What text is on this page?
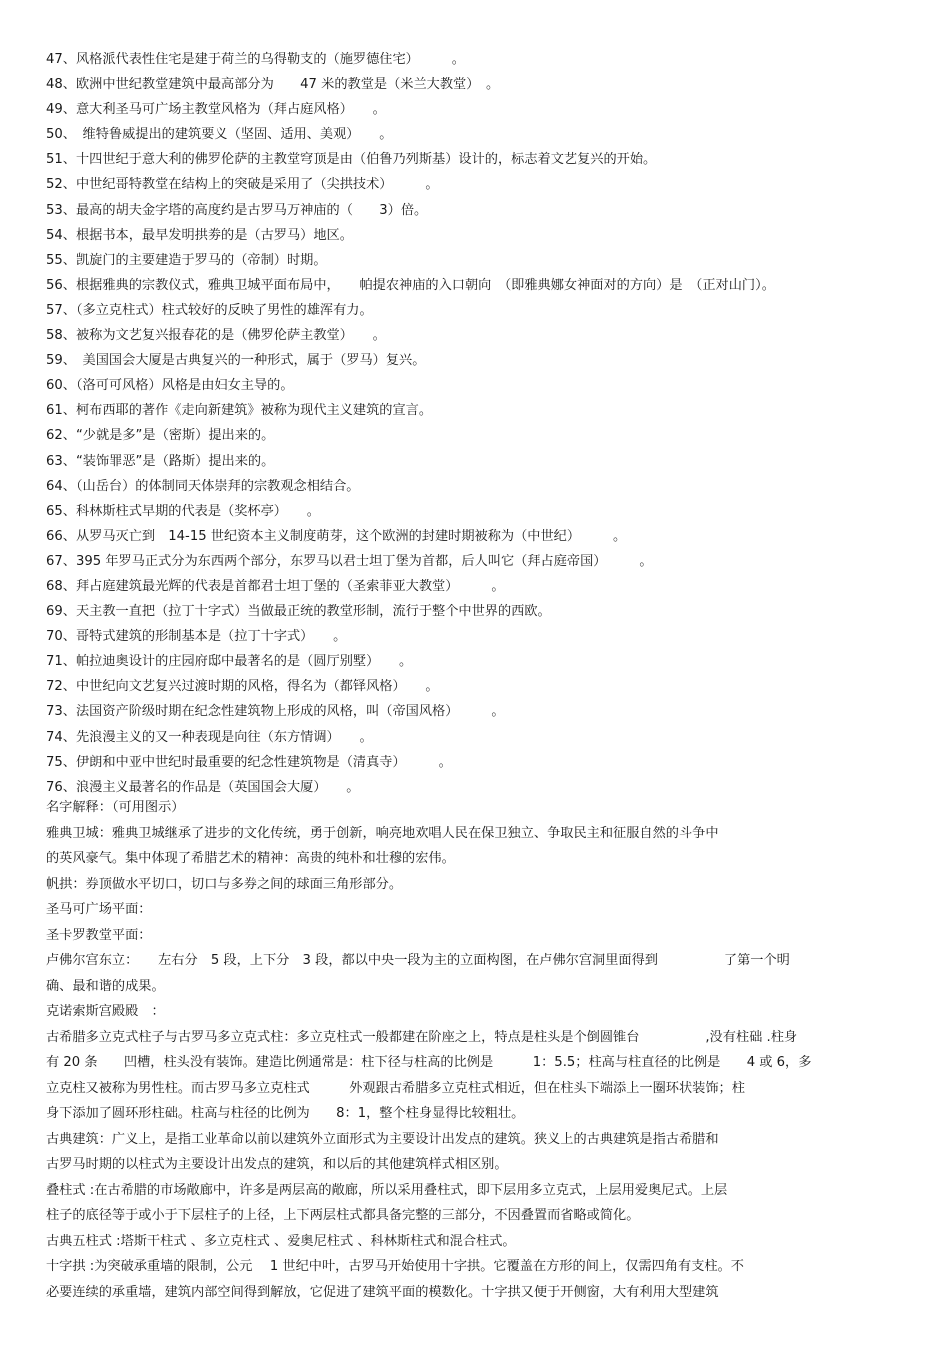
47、风格派代表性住宅是建于荷兰的乌得勒支的（施罗德住宅）　　　。
48、欧洲中世纪教堂建筑中最高部分为　　47 米的教堂是（米兰大教堂）　。
49、意大利圣马可广场主教堂风格为（拜占庭风格）　　。
50、　维特鲁威提出的建筑要义（坚固、适用、美观）　　。
51、十四世纪于意大利的佛罗伦萨的主教堂穹顶是由（伯鲁乃列斯基）设计的，标志着文艺复兴的开始。
52、中世纪哥特教堂在结构上的突破是采用了（尖拱技术）　　　。
53、最高的胡夫金字塔的高度约是古罗马万神庙的（　　3）倍。
54、根据书本，最早发明拱劵的是（古罗马）地区。
55、凯旋门的主要建造于罗马的（帝制）时期。
56、根据雅典的宗教仪式，雅典卫城平面布局中，　　帕提农神庙的入口朝向　（即雅典娜女神面对的方向）是　（正对山门）。
57、（多立克柱式）柱式较好的反映了男性的雄浑有力。
58、被称为文艺复兴报春花的是（佛罗伦萨主教堂）　　。
59、　美国国会大厦是古典复兴的一种形式，属于（罗马）复兴。
60、（洛可可风格）风格是由妇女主导的。
61、柯布西耶的著作《走向新建筑》被称为现代主义建筑的宣言。
62、“少就是多”是（密斯）提出来的。
63、“装饰罪恶”是（路斯）提出来的。
64、（山岳台）的体制同天体崇拜的宗教观念相结合。
65、科林斯柱式早期的代表是（奖杯亭）　　。
66、从罗马灭亡到　14-15 世纪资本主义制度萌芽，这个欧洲的封建时期被称为（中世纪）　　　。
67、395 年罗马正式分为东西两个部分，东罗马以君士坦丁堡为首都，后人叫它（拜占庭帝国）　　　。
68、拜占庭建筑最光辉的代表是首都君士坦丁堡的（圣索菲亚大教堂）　　　。
69、天主教一直把（拉丁十字式）当做最正统的教堂形制，流行于整个中世界的西欧。
70、哥特式建筑的形制基本是（拉丁十字式）　　。
71、帕拉迪奥设计的庄园府邸中最著名的是（圆厅别墅）　　。
72、中世纪向文艺复兴过渡时期的风格，得名为（都铎风格）　　。
73、法国资产阶级时期在纪念性建筑物上形成的风格，叫（帝国风格）　　　。
74、先浪漫主义的又一种表现是向往（东方情调）　　。
75、伊朗和中亚中世纪时最重要的纪念性建筑物是（清真寺）　　　。
76、浪漫主义最著名的作品是（英国国会大厦）　　。
名字解释：（可用图示）
雅典卫城：雅典卫城继承了进步的文化传统，勇于创新，响亮地欢唱人民在保卫独立、争取民主和征服自然的斗争中
的英风豪气。集中体现了希腊艺术的精神：高贵的纯朴和壮穆的宏伟。
帆拱：券顶做水平切口，切口与多券之间的球面三角形部分。
圣马可广场平面：
圣卡罗教堂平面：
卢佛尔宫东立：　　左右分　5 段，上下分　3 段，都以中央一段为主的立面构图，在卢佛尔宫洞里面得到　　　　　了第一个明
确、最和谐的成果。
克诺索斯宫殿殿　：
古希腊多立克式柱子与古罗马多立克式柱：多立克柱式一般都建在阶座之上，特点是柱头是个倒圆锥台　　　　　,没有柱础 .柱身
有 20 条　　凹槽，柱头没有装饰。建造比例通常是：柱下径与柱高的比例是　　　1：5.5；柱高与柱直径的比例是　　4 或 6，多
立克柱又被称为男性柱。而古罗马多立克柱式　　　外观跟古希腊多立克柱式相近，但在柱头下端添上一圈环状装饰；柱
身下添加了圆环形柱础。柱高与柱径的比例为　　8：1，整个柱身显得比较粗壮。
古典建筑：广义上，是指工业革命以前以建筑外立面形式为主要设计出发点的建筑。狭义上的古典建筑是指古希腊和
古罗马时期的以柱式为主要设计出发点的建筑，和以后的其他建筑样式相区别。
叠柱式 :在古希腊的市场敞廊中，许多是两层高的敞廊，所以采用叠柱式，即下层用多立克式，上层用爱奥尼式。上层
柱子的底径等于或小于下层柱子的上径，上下两层柱式都具备完整的三部分，不因叠置而省略或简化。
古典五柱式 :塔斯干柱式 、多立克柱式 、爱奥尼柱式 、科林斯柱式和混合柱式。
十字拱 :为突破承重墙的限制，公元　 1 世纪中叶，古罗马开始使用十字拱。它覆盖在方形的间上，仅需四角有支柱。不
必要连续的承重墙，建筑内部空间得到解放，它促进了建筑平面的模数化。十字拱又便于开侧窗，大有利用大型建筑
